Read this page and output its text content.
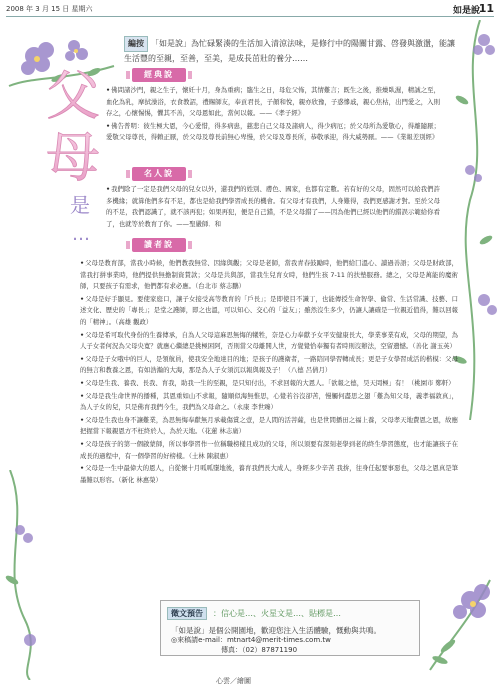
2008 年 3 月 15 日 星期六	如是說
11
編按 「如是說」為忙碌緊湊的生活加入清涼法味，是修行中的陽關甘露、啓發與激盪，能讓生活豐的至親，至善，至美，是成長茁壯的養分……
父
母
是
…
經典說

•佛問諸沙門，親之生子，懷妊十月，身為重病；臨生之日，母危父怖，其情難言；既生之後，推燥臥濕，精誠之至，血化為乳，摩拭澡浴，衣食教詔，禮賜師友，奉貢君長，子顏和悅，親亦欣豫，子惑慘戚，親心焦枯，出門愛之，入則存之，心懷惕惕，懼其不善，父母恩如此，當何以報。——《孝子經》

•佛告普明：彼生極大恩，今心愛惜，得多病患，慈悲自己父母及諸病人，得少病厄；於父母所為愛敬心，得離隨厭；愛敬父母尊長，得賴正厭，於父母及尊長前無心卑慢，於父母及尊長所，恭敬承迎，得大威勢厭。——《業報差別經》

名人說

•我們除了一定是我們父母的兒女以外，還我們的姓別、膚色、國家，也都有定數。若有好的父母，固然可以給我們許多機緣；就算他們多有不足，都也是給我們學習成長的機會。有父母才有我們，人身難得，我們更感謝才對。至於父母的不足，我們認識了，就不該再犯；如果再犯，便是自己錯，不是父母錯了——因為他們已經以他們的錯誤示範給你看了，也就等於教育了你。——聖嚴師．和

讀者說

•父母是教育部，當我小時候，他們教我無常、因緣與觀；父母是老師，當我青春鼓勵時，他們給囗溫心、讀過善語；父母是財政部，當我打拼事業時，他們提供無擔制資賛款；父母是共與部，當我生兒育女時，他們生孩 7-11 的扶墊服務。總之，父母是萬能的魔術師，只要孩子有需求，他們都有求必應。（台北市 蔡志鵬）

•父母是好手顯見。要使家庭口，讓子女接受高等教育的「戶長」；是即使目不識丁，也能傳授生命智學、倫常、生活常識、技藝、口述文化、歷史的「專長」；是堂之護師，即之也溫，可以知心、交心的「益友」；雖然沒生多少，仍讓人讓確是一位親近值得，難以回報的「精神」。（高雄 觀政）

•父母是希可取代身份的生養傳承，自為人父母這麻思無悔的犧牲，奈是心力奉獻予女平安健康長大，學業事業有成，父母的期望，為人子女者何況為父母央寬？就應心繼總是挑極困阿，否則當父母離開人世，方覺覺恰奉獨有者時則沒辦法，空留遺憾。（善化 謝玉英）

•父母是子女哦中的巨人，是領航員，使我安全地達目的地；是孩子的護衛者，一路陪同學習轉成長；更是子女學習成活的楷模：父母的無言和教養之恩，有如浩瀚的大海，那是為人子女須沉以報與報及子！（八德 呂倩月）

•父母是生我、養我、長我、育我，助我一生的至親，是只知付出，不求回報的大恩人。「欲報之德，昊天罔極」有！（桃園市 鄭軒）

•父母是我生命世界的播種，其恩重如山不求報，隨順似海無惟思，心覺若谷沒卻苦，慢觸何盡思之翅「難為知父母，義孝福敦真」，為人子女的兒，只是佛育我們今生，我們為父母命之。（永康 李世臻）

•父母是生我也身不讓難業，為思無悔奉獻無月承載傷賞之壹，是人間的活菩薩，也是世間播田之福上養，父母孝天地費恩之恩，故應把握當下報親恩方不枉終於人，為於天地。（花蓮 林志廣）

•父母是孩子的第一個啟蒙師，所以事學習作一位稱職榜樣且成功的父母，所以須要有深刻老學到老的終生學習態度，也才能讓孩子在成長的過程中，有一個學習的好榜樣。（土林 陳淑惠）

•父母是一生中最偉大的恩人，自從懷十月呱呱墮地後，養育我們長大成人，身經多少辛苦 我拚，往身任起要事惡也，父母之恩真是筆墨難以形容。（新化 林惠榮）

徵文預告 ：信心是…、火星文是…、貼標是…
「如是說」是個公開園地，歡迎您注入生活體驗，慨動與共鳴。
◎來稿請e-mail：mtnart4@merit-times.com.tw
傳真：（02）87871190
心雲／繪圖
